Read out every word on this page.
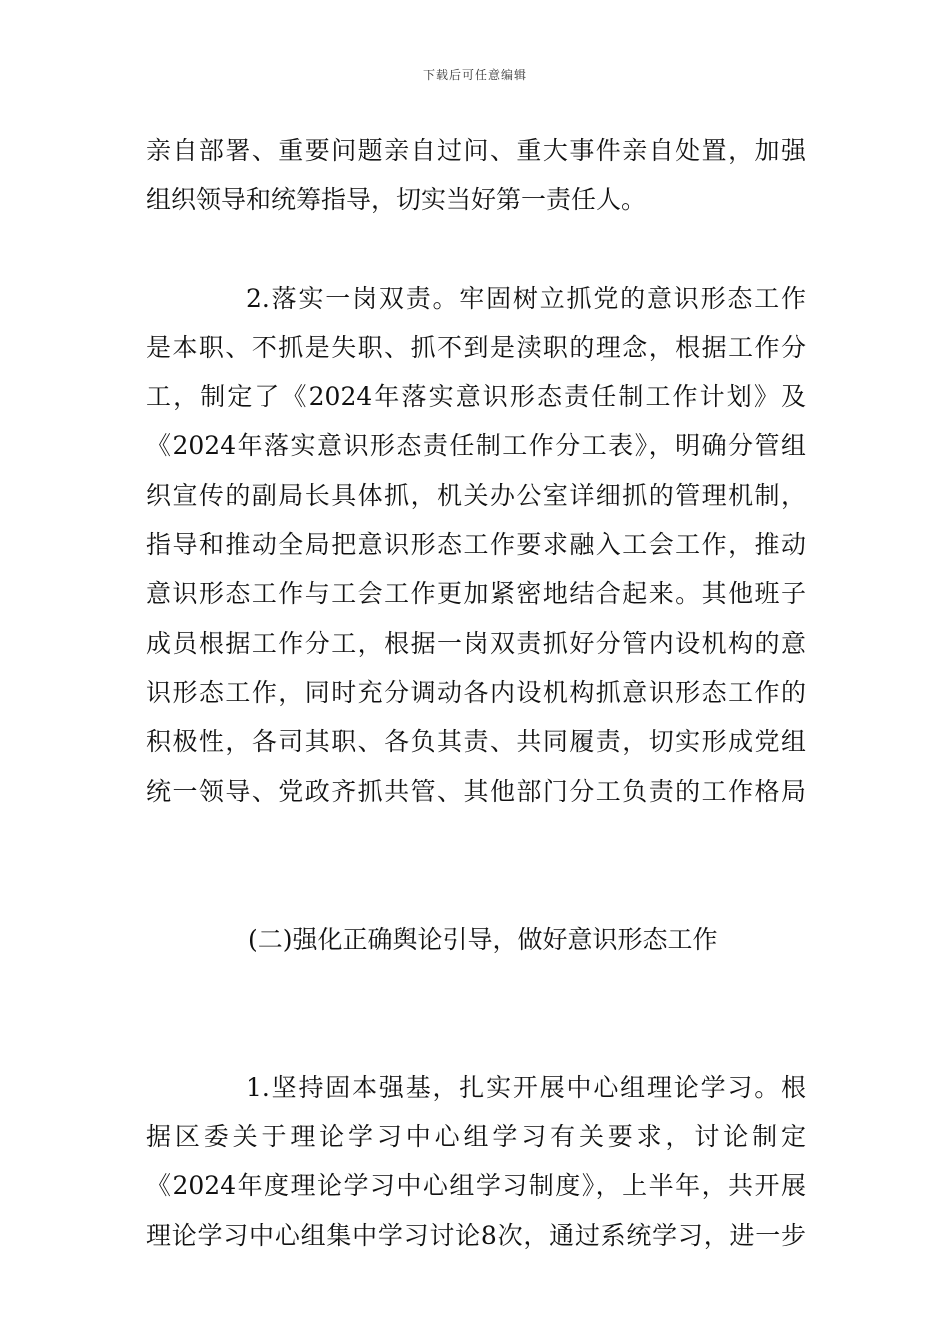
下载后可任意编辑
亲自部署、重要问题亲自过问、重大事件亲自处置，加强
组织领导和统筹指导，切实当好第一责任人。
2.落实一岗双责。牢固树立抓党的意识形态工作
是本职、不抓是失职、抓不到是渎职的理念，根据工作分
工，制定了《2024年落实意识形态责任制工作计划》及
《2024年落实意识形态责任制工作分工表》，明确分管组
织宣传的副局长具体抓，机关办公室详细抓的管理机制，
指导和推动全局把意识形态工作要求融入工会工作，推动
意识形态工作与工会工作更加紧密地结合起来。其他班子
成员根据工作分工，根据一岗双责抓好分管内设机构的意
识形态工作，同时充分调动各内设机构抓意识形态工作的
积极性，各司其职、各负其责、共同履责，切实形成党组
统一领导、党政齐抓共管、其他部门分工负责的工作格局
(二)强化正确舆论引导，做好意识形态工作
1.坚持固本强基，扎实开展中心组理论学习。根
据区委关于理论学习中心组学习有关要求，讨论制定
《2024年度理论学习中心组学习制度》，上半年，共开展
理论学习中心组集中学习讨论8次，通过系统学习，进一步
